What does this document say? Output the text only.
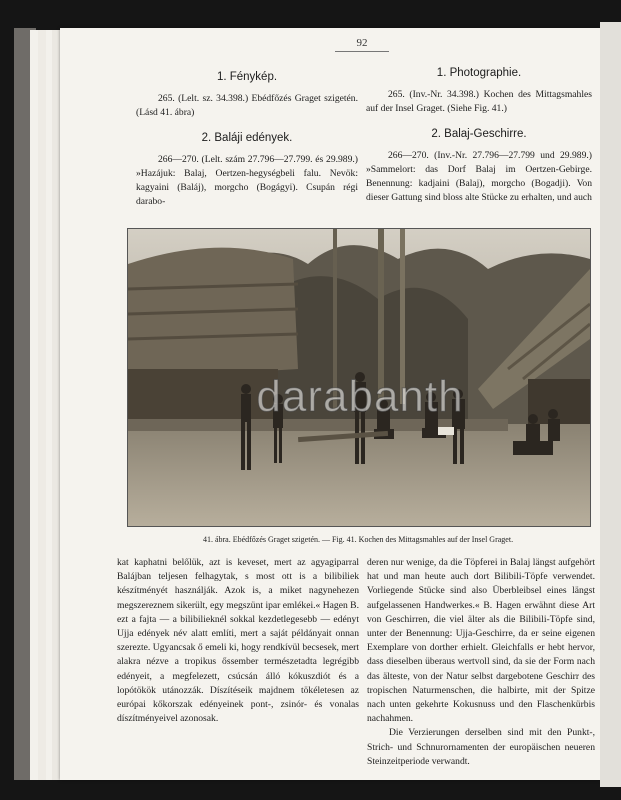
92

1. Fénykép.

265. (Lelt. sz. 34.398.) Ebédfőzés Graget szigetén. (Lásd 41. ábra)

2. Baláji edények.

266—270. (Lelt. szám 27.796—27.799. és 29.989.) »Hazájuk: Balaj, Oertzen-hegységbeli falu. Nevök: kagyaini (Baláj), morgcho (Bogágyi). Csupán régi darabo-

1. Photographie.

265. (Inv.-Nr. 34.398.) Kochen des Mittagsmahles auf der Insel Graget. (Siehe Fig. 41.)

2. Balaj-Geschirre.

266—270. (Inv.-Nr. 27.796—27.799 und 29.989.) »Sammelort: das Dorf Balaj im Oertzen-Gebirge. Benennung: kadjaini (Balaj), morgcho (Bogadji). Von dieser Gattung sind bloss alte Stücke zu erhalten, und auch

darabanth
41. ábra. Ebédfőzés Graget szigetén. — Fig. 41. Kochen des Mittagsmahles auf der Insel Graget.

kat kaphatni belőlük, azt is keveset, mert az agyagiparral Balájban teljesen felhagytak, s most ott is a bilibiliek készítményét használják. Azok is, a miket nagynehezen megszereznem sikerült, egy megszünt ipar emlékei.« Hagen B. ezt a fajta — a bilibilieknél sokkal kezdetlegesebb — edényt Ujja edények név alatt említi, mert a saját példányait onnan szerezte. Ugyancsak ő emeli ki, hogy rendkívül becsesek, mert alakra nézve a tropikus őssember természetadta legrégibb edényeit, a megfelezett, csúcsán álló kókuszdiót és a lopótökök utánozzák. Díszítéseik majdnem tökéletesen az európai kőkorszak edényeinek pont-, zsinór- és vonalas díszítményeivel azonosak.

deren nur wenige, da die Töpferei in Balaj längst aufgehört hat und man heute auch dort Bilibili-Töpfe verwendet. Vorliegende Stücke sind also Überbleibsel eines längst aufgelassenen Handwerkes.« B. Hagen erwähnt diese Art von Geschirren, die viel älter als die Bilibili-Töpfe sind, unter der Benennung: Ujja-Geschirre, da er seine eigenen Exemplare von dorther erhielt. Gleichfalls er hebt hervor, dass dieselben überaus wertvoll sind, da sie der Form nach das älteste, von der Natur selbst dargebotene Geschirr des tropischen Naturmenschen, die halbirte, mit der Spitze nach unten gekehrte Kokusnuss und den Flaschenkürbis nachahmen.

Die Verzierungen derselben sind mit den Punkt-, Strich- und Schnurornamenten der europäischen neueren Steinzeitperiode verwandt.
